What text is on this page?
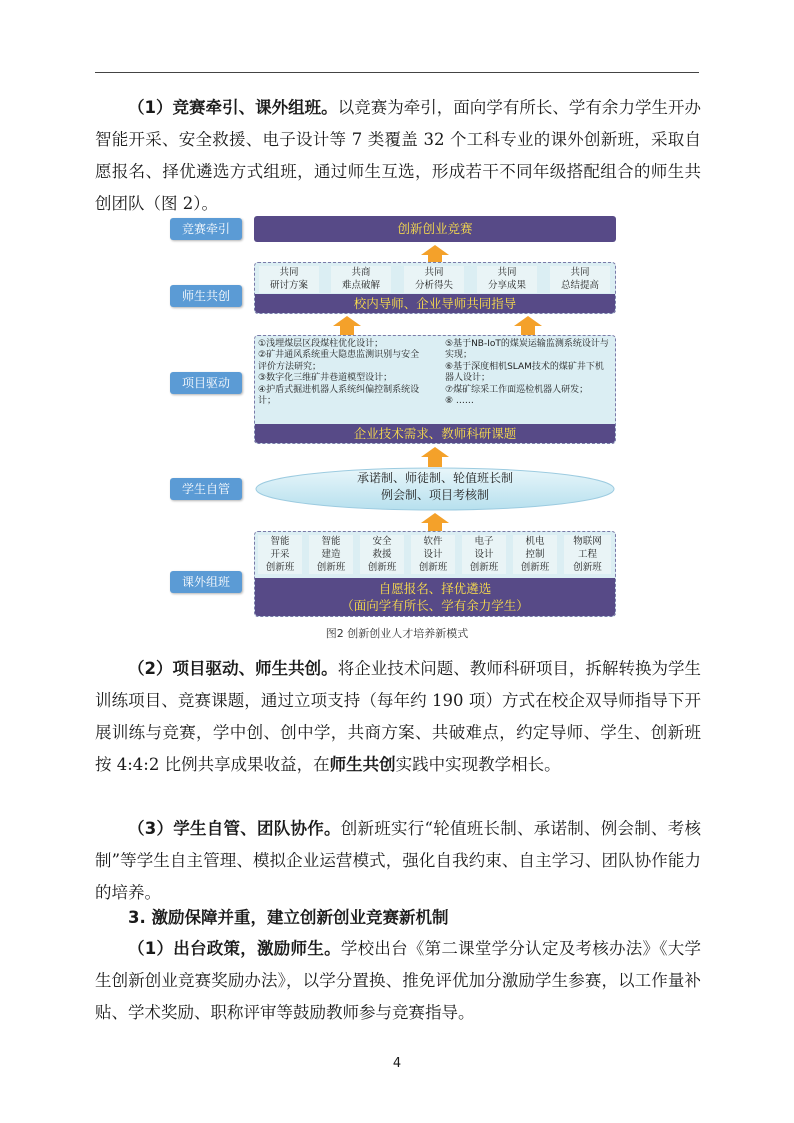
（1）竞赛牵引、课外组班。以竞赛为牵引，面向学有所长、学有余力学生开办智能开采、安全救援、电子设计等 7 类覆盖 32 个工科专业的课外创新班，采取自愿报名、择优遴选方式组班，通过师生互选，形成若干不同年级搭配组合的师生共创团队（图 2）。

竞赛牵引	创新创业竞赛
师生共创
共同
研讨方案
共商
难点破解
共同
分析得失
共同
分享成果
共同
总结提高
校内导师、企业导师共同指导
项目驱动
①浅埋煤层区段煤柱优化设计；
②矿井通风系统重大隐患监测识别与安全评价方法研究；
③数字化三维矿井巷道模型设计；
④护盾式掘进机器人系统纠偏控制系统设计；
⑤基于NB-IoT的煤炭运输监测系统设计与实现；
⑥基于深度相机SLAM技术的煤矿井下机器人设计；
⑦煤矿综采工作面巡检机器人研发；
⑧ ……
企业技术需求、教师科研课题
学生自管
承诺制、师徒制、轮值班长制
例会制、项目考核制
课外组班
智能
开采
创新班
智能
建造
创新班
安全
救援
创新班
软件
设计
创新班
电子
设计
创新班
机电
控制
创新班
物联网
工程
创新班
自愿报名、择优遴选
（面向学有所长、学有余力学生）
图2 创新创业人才培养新模式

（2）项目驱动、师生共创。将企业技术问题、教师科研项目，拆解转换为学生训练项目、竞赛课题，通过立项支持（每年约 190 项）方式在校企双导师指导下开展训练与竞赛，学中创、创中学，共商方案、共破难点，约定导师、学生、创新班按 4:4:2 比例共享成果收益，在师生共创实践中实现教学相长。

（3）学生自管、团队协作。创新班实行“轮值班长制、承诺制、例会制、考核制”等学生自主管理、模拟企业运营模式，强化自我约束、自主学习、团队协作能力的培养。

3. 激励保障并重，建立创新创业竞赛新机制

（1）出台政策，激励师生。学校出台《第二课堂学分认定及考核办法》《大学生创新创业竞赛奖励办法》，以学分置换、推免评优加分激励学生参赛，以工作量补贴、学术奖励、职称评审等鼓励教师参与竞赛指导。

4
